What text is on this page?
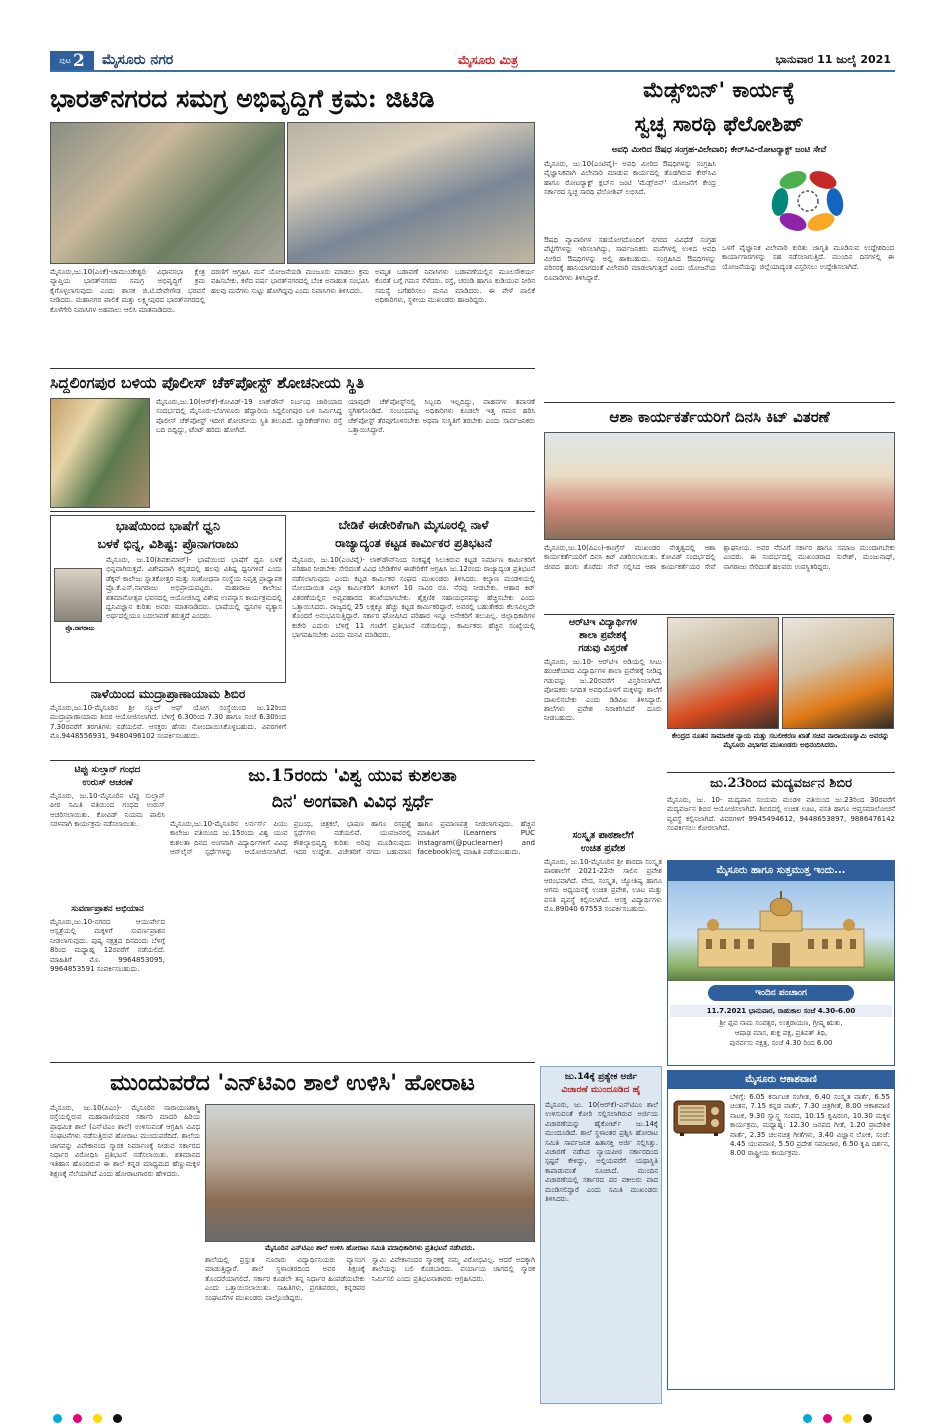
ಪುಟ 2 ಮೈಸೂರು ನಗರ	ಮೈಸೂರು ಮಿತ್ರ	ಭಾನುವಾರ 11 ಜುಲೈ 2021
ಭಾರತ್‌ನಗರದ ಸಮಗ್ರ ಅಭಿವೃದ್ಧಿಗೆ ಕ್ರಮ: ಜಿಟಿಡಿ
ಮೈಸೂರು,ಜು.10(ಎಂಕೆ)-ಚಾಮುಂಡೇಶ್ವರಿ ವಿಧಾನಸಭಾ ಕ್ಷೇತ್ರ ವ್ಯಾಪ್ತಿಯ ಭಾರತ್‌ನಗರದ ಸಮಗ್ರ ಅಭಿವೃದ್ಧಿಗೆ ಕ್ರಮ ಕೈಗೊಳ್ಳಲಾಗುವುದು ಎಂದು ಶಾಸಕ ಜಿ.ಟಿ.ದೇವೇಗೌಡ ಭರವಸೆ ನೀಡಿದರು. ಮಹಾನಗರ ಪಾಲಿಕೆ ಮತ್ತು ಲಕ್ಷ್ಮೀಪುರದ ಭಾರತ್‌ನಗರದಲ್ಲಿ ಕೊಳೆಗೇರಿ ನಿವಾಸಿಗಳ ಅಹವಾಲು ಆಲಿಸಿ ಮಾತನಾಡಿದರು.
ದರಣಿಗೆ ಆಗ್ರಹಿಸಿ ಮನೆ ಯೋಜನೆಯಡಿ ಮಂಜೂರು ಮಾಡಲು ಕ್ರಮ ವಹಿಸಬೇಕು. ಕಳೆದ ವರ್ಷ ಭಾರತ್‌ನಗರದಲ್ಲಿ ಬೆಂಕಿ ಅನಾಹುತ ಸಂಭವಿಸಿ ಹಲವು ಮನೆಗಳು ಸುಟ್ಟು ಹೋಗಿದ್ದವು ಎಂದು ನಿವಾಸಿಗಳು ತಿಳಿಸಿದರು.
ಅಮೃತ ಬಡಾವಣೆ ನಿವಾಸಿಗಳು ಬಡಾವಣೆಯಲ್ಲಿನ ಮೂಲಸೌಕರ್ಯ ಕೊರತೆ ಬಗ್ಗೆ ಗಮನ ಸೆಳೆದರು. ರಸ್ತೆ, ಚರಂಡಿ ಹಾಗೂ ಕುಡಿಯುವ ನೀರಿನ ಸಮಸ್ಯೆ ಬಗೆಹರಿಸಲು ಮನವಿ ಮಾಡಿದರು. ಈ ವೇಳೆ ಪಾಲಿಕೆ ಅಧಿಕಾರಿಗಳು, ಸ್ಥಳೀಯ ಮುಖಂಡರು ಹಾಜರಿದ್ದರು.
ಸಿದ್ದಲಿಂಗಪುರ ಬಳಿಯ ಪೊಲೀಸ್ ಚೆಕ್‌ಪೋಸ್ಟ್ ಶೋಚನೀಯ ಸ್ಥಿತಿ
ಮೈಸೂರು,ಜು.10(ಆರ್‌ಕೆ)-ಕೋವಿಡ್-19 ಲಾಕ್‌ಡೌನ್ ನಿರ್ಬಂಧ ಜಾರಿಯಾದ ಸಂದರ್ಭದಲ್ಲಿ ಮೈಸೂರು-ಬೆಂಗಳೂರು ಹೆದ್ದಾರಿಯ ಸಿದ್ದಲಿಂಗಪುರ ಬಳಿ ನಿರ್ಮಿಸಿದ್ದ ಪೊಲೀಸ್ ಚೆಕ್‌ಪೋಸ್ಟ್ ಇದೀಗ ಶೋಚನೀಯ ಸ್ಥಿತಿ ತಲುಪಿದೆ. ಬ್ಯಾರಿಕೇಡ್‌ಗಳು ರಸ್ತೆ ಬದಿ ಬಿದ್ದಿದ್ದು, ಟೆಂಟ್ ಹರಿದು ಹೋಗಿದೆ.
ಯಾವುದೇ ಚೆಕ್‌ಪೋಸ್ಟ್‌ನಲ್ಲಿ ಸಿಬ್ಬಂದಿ ಇಲ್ಲದಿದ್ದು, ವಾಹನಗಳ ತಪಾಸಣೆ ಸ್ಥಗಿತಗೊಂಡಿದೆ. ಸಂಬಂಧಪಟ್ಟ ಅಧಿಕಾರಿಗಳು ಕೂಡಲೇ ಇತ್ತ ಗಮನ ಹರಿಸಿ ಚೆಕ್‌ಪೋಸ್ಟ್ ತೆರವುಗೊಳಿಸಬೇಕು ಅಥವಾ ಸುಸ್ಥಿತಿಗೆ ತರಬೇಕು ಎಂದು ಸಾರ್ವಜನಿಕರು ಒತ್ತಾಯಿಸಿದ್ದಾರೆ.
ಭಾಷೆಯಿಂದ ಭಾಷೆಗೆ ಧ್ವನಿ
ಬಳಕೆ ಭಿನ್ನ, ವಿಶಿಷ್ಟ: ಪ್ರೊನಾಗರಾಜು
ಪ್ರೊ.ನಾಗರಾಜು
ಮೈಸೂರು, ಜು.10(ಶಿವಕುಮಾರ್)- ಭಾಷೆಯಿಂದ ಭಾಷೆಗೆ ಧ್ವನಿ ಬಳಕೆ ಭಿನ್ನವಾಗಿರುತ್ತದೆ. ವಿಶೇಷವಾಗಿ ಕನ್ನಡದಲ್ಲಿ ಹಲವು ವಿಶಿಷ್ಟ ಧ್ವನಿಗಳಿವೆ ಎಂದು ಡೆಕ್ಕನ್ ಕಾಲೇಜು ಸ್ನಾತಕೋತ್ತರ ಮತ್ತು ಸಂಶೋಧನಾ ಸಂಸ್ಥೆಯ ನಿವೃತ್ತ ಪ್ರಾಧ್ಯಾಪಕ ಪ್ರೊ.ಕೆ.ಎಸ್.ನಾಗರಾಜು ಅಭಿಪ್ರಾಯಪಟ್ಟರು. ಮಹಾರಾಜ ಕಾಲೇಜು ಶತಮಾನೋತ್ಸವ ಭವನದಲ್ಲಿ ಆಯೋಜಿಸಿದ್ದ ವಿಶೇಷ ಉಪನ್ಯಾಸ ಕಾರ್ಯಕ್ರಮದಲ್ಲಿ ಧ್ವನಿವಿಜ್ಞಾನ ಕುರಿತು ಅವರು ಮಾತನಾಡಿದರು. ಭಾಷೆಯಲ್ಲಿ ಧ್ವನಿಗಳ ವ್ಯತ್ಯಾಸ ಅರ್ಥದಲ್ಲಿಯೂ ಬದಲಾವಣೆ ತರುತ್ತದೆ ಎಂದರು.
ನಾಳೆಯಿಂದ ಮುದ್ರಾಪ್ರಾಣಾಯಾಮ ಶಿಬಿರ
ಮೈಸೂರು,ಜು.10-ಮೈಸೂರಿನ ಶ್ರೀ ಸ್ಕೂಲ್ ಆಫ್ ಯೋಗ ಸಂಸ್ಥೆಯಿಂದ ಜು.12ರಿಂದ ಮುದ್ರಾಪ್ರಾಣಾಯಾಮ ಶಿಬಿರ ಆಯೋಜಿಸಲಾಗಿದೆ. ಬೆಳಿಗ್ಗೆ 6.30ರಿಂದ 7.30 ಹಾಗೂ ಸಂಜೆ 6.30ರಿಂದ 7.30ರವರೆಗೆ ತರಗತಿಗಳು ನಡೆಯಲಿವೆ. ಆಸಕ್ತರು ಹೆಸರು ನೋಂದಾಯಿಸಿಕೊಳ್ಳಬಹುದು. ವಿವರಗಳಿಗೆ ಮೊ.9448556931, 9480496102 ಸಂಪರ್ಕಿಸಬಹುದು.
ಬೇಡಿಕೆ ಈಡೇರಿಕೆಗಾಗಿ ಮೈಸೂರಲ್ಲಿ ನಾಳೆ
ರಾಜ್ಯಾದ್ಯಂತ ಕಟ್ಟಡ ಕಾರ್ಮಿಕರ ಪ್ರತಿಭಟನೆ
ಮೈಸೂರು, ಜು.10(ಎಂಟಿವೈ)- ಲಾಕ್‌ಡೌನ್‌ನಿಂದ ಸಂಕಷ್ಟಕ್ಕೆ ಸಿಲುಕಿರುವ ಕಟ್ಟಡ ನಿರ್ಮಾಣ ಕಾರ್ಮಿಕರಿಗೆ ಪರಿಹಾರ ನೀಡಬೇಕು ಸೇರಿದಂತೆ ವಿವಿಧ ಬೇಡಿಕೆಗಳ ಈಡೇರಿಕೆಗೆ ಆಗ್ರಹಿಸಿ ಜು.12ರಂದು ರಾಜ್ಯಾದ್ಯಂತ ಪ್ರತಿಭಟನೆ ನಡೆಸಲಾಗುವುದು ಎಂದು ಕಟ್ಟಡ ಕಾರ್ಮಿಕರ ಸಂಘದ ಮುಖಂಡರು ತಿಳಿಸಿದರು. ಕಲ್ಯಾಣ ಮಂಡಳಿಯಲ್ಲಿ ನೋಂದಾಯಿತ ಎಲ್ಲಾ ಕಾರ್ಮಿಕರಿಗೆ ತಿಂಗಳಿಗೆ 10 ಸಾವಿರ ರೂ. ನೆರವು ನೀಡಬೇಕು. ಆಹಾರ ಕಿಟ್ ವಿತರಣೆಯಲ್ಲಿನ ಅವ್ಯವಹಾರದ ತನಿಖೆಯಾಗಬೇಕು. ಶೈಕ್ಷಣಿಕ ಸಹಾಯಧನವನ್ನು ಹೆಚ್ಚಿಸಬೇಕು ಎಂದು ಒತ್ತಾಯಿಸಿದರು. ರಾಜ್ಯದಲ್ಲಿ 25 ಲಕ್ಷಕ್ಕೂ ಹೆಚ್ಚು ಕಟ್ಟಡ ಕಾರ್ಮಿಕರಿದ್ದಾರೆ. ಅವರಲ್ಲಿ ಬಹುತೇಕರು ಕೆಲಸವಿಲ್ಲದೇ ತೊಂದರೆ ಅನುಭವಿಸುತ್ತಿದ್ದಾರೆ. ಸರ್ಕಾರ ಘೋಷಿಸಿದ ಪರಿಹಾರ ಇನ್ನೂ ಅನೇಕರಿಗೆ ತಲುಪಿಲ್ಲ. ಜಿಲ್ಲಾಧಿಕಾರಿಗಳ ಕಚೇರಿ ಎದುರು ಬೆಳಿಗ್ಗೆ 11 ಗಂಟೆಗೆ ಪ್ರತಿಭಟನೆ ನಡೆಯಲಿದ್ದು, ಕಾರ್ಮಿಕರು ಹೆಚ್ಚಿನ ಸಂಖ್ಯೆಯಲ್ಲಿ ಭಾಗವಹಿಸಬೇಕು ಎಂದು ಮನವಿ ಮಾಡಿದರು.
ಟಿಪ್ಪು ಸುಲ್ತಾನ್ ಗಂಧದ
ಉರುಸ್ ಆಚರಣೆ
ಮೈಸೂರು, ಜು.10-ಮೈಸೂರಿನ ಟಿಪ್ಪು ಸುಲ್ತಾನ್ ಪೀಠ ಸಮಿತಿ ವತಿಯಿಂದ ಗಂಧದ ಉರುಸ್ ಆಚರಿಸಲಾಯಿತು. ಕೋವಿಡ್ ನಿಯಮ ಪಾಲಿಸಿ ಸರಳವಾಗಿ ಕಾರ್ಯಕ್ರಮ ನಡೆಸಲಾಯಿತು.
ಸುವರ್ಣಪ್ರಾಶನ ಅಭಿಯಾನ
ಮೈಸೂರು,ಜು.10-ನಗರದ ಆಯುರ್ವೇದ ಆಸ್ಪತ್ರೆಯಲ್ಲಿ ಮಕ್ಕಳಿಗೆ ಸುವರ್ಣಪ್ರಾಶನ ನೀಡಲಾಗುವುದು. ಪುಷ್ಯ ನಕ್ಷತ್ರದ ದಿನದಂದು ಬೆಳಿಗ್ಗೆ 8ರಿಂದ ಮಧ್ಯಾಹ್ನ 12ರವರೆಗೆ ನಡೆಯಲಿದೆ. ಮಾಹಿತಿಗೆ ಮೊ. 9964853095, 9964853591 ಸಂಪರ್ಕಿಸಬಹುದು.
ಜು.15ರಂದು 'ವಿಶ್ವ ಯುವ ಕುಶಲತಾ
ದಿನ' ಅಂಗವಾಗಿ ವಿವಿಧ ಸ್ಪರ್ಧೆ
ಮೈಸೂರು,ಜು.10-ಮೈಸೂರಿನ ಲರ್ನರ್ಸ್ ಪಿಯು ಕಾಲೇಜು ವತಿಯಿಂದ ಜು.15ರಂದು ವಿಶ್ವ ಯುವ ಕುಶಲತಾ ದಿನದ ಅಂಗವಾಗಿ ವಿದ್ಯಾರ್ಥಿಗಳಿಗೆ ವಿವಿಧ ಆನ್‌ಲೈನ್ ಸ್ಪರ್ಧೆಗಳನ್ನು ಆಯೋಜಿಸಲಾಗಿದೆ. ಪ್ರಬಂಧ, ಚಿತ್ರಕಲೆ, ಭಾಷಣ ಹಾಗೂ ರಸಪ್ರಶ್ನೆ ಸ್ಪರ್ಧೆಗಳು ನಡೆಯಲಿವೆ. ಯುವಜನರಲ್ಲಿ ಕೌಶಲ್ಯಾಭಿವೃದ್ಧಿ ಕುರಿತು ಅರಿವು ಮೂಡಿಸುವುದು ಇದರ ಉದ್ದೇಶ. ವಿಜೇತರಿಗೆ ನಗದು ಬಹುಮಾನ ಹಾಗೂ ಪ್ರಮಾಣಪತ್ರ ನೀಡಲಾಗುವುದು. ಹೆಚ್ಚಿನ ಮಾಹಿತಿಗೆ (Learners PUC instagram(@puclearner) and facebook)ನಲ್ಲಿ ಮಾಹಿತಿ ಪಡೆಯಬಹುದು.
ಮೆಡ್ಸ್‌ಬಿನ್' ಕಾರ್ಯಕ್ಕೆ
ಸ್ವಚ್ಛ ಸಾರಥಿ ಫೆಲೋಶಿಪ್
ಅವಧಿ ಮೀರಿದ ಔಷಧ ಸಂಗ್ರಹ-ವಿಲೇವಾರಿ; ಕೇರ್‌ಸಿವಿ-ರೋಟರ್‍ಯಾಕ್ಟ್ ಜಂಟಿ ಸೇವೆ
ಮೈಸೂರು, ಜು.10(ಎಂಟಿವೈ)- ಅವಧಿ ಮೀರಿದ ಔಷಧಿಗಳನ್ನು ಸಂಗ್ರಹಿಸಿ ವೈಜ್ಞಾನಿಕವಾಗಿ ವಿಲೇವಾರಿ ಮಾಡುವ ಕಾರ್ಯದಲ್ಲಿ ತೊಡಗಿರುವ ಕೇರ್‌ಸಿವಿ ಹಾಗೂ ರೋಟರ್‍ಯಾಕ್ಟ್ ಕ್ಲಬ್‌ನ ಜಂಟಿ 'ಮೆಡ್ಸ್‌ಬಿನ್' ಯೋಜನೆಗೆ ಕೇಂದ್ರ ಸರ್ಕಾರದ ಸ್ವಚ್ಛ ಸಾರಥಿ ಫೆಲೋಶಿಪ್ ಲಭಿಸಿದೆ.
ಔಷಧಿ ವ್ಯಾಪಾರಿಗಳ ಸಹಯೋಗದೊಂದಿಗೆ ನಗರದ ವಿವಿಧೆಡೆ ಸಂಗ್ರಹ ಪೆಟ್ಟಿಗೆಗಳನ್ನು ಇರಿಸಲಾಗಿದ್ದು, ಸಾರ್ವಜನಿಕರು ಮನೆಗಳಲ್ಲಿ ಉಳಿದ ಅವಧಿ ಮೀರಿದ ಔಷಧಿಗಳನ್ನು ಅಲ್ಲಿ ಹಾಕಬಹುದು. ಸಂಗ್ರಹಿಸಿದ ಔಷಧಿಗಳನ್ನು ಪರಿಸರಕ್ಕೆ ಹಾನಿಯಾಗದಂತೆ ವಿಲೇವಾರಿ ಮಾಡಲಾಗುತ್ತದೆ ಎಂದು ಯೋಜನೆಯ ರೂವಾರಿಗಳು ತಿಳಿಸಿದ್ದಾರೆ.
ಒಳಗೆ ವೈಜ್ಞಾನಿಕ ವಿಲೇವಾರಿ ಕುರಿತು ಜಾಗೃತಿ ಮೂಡಿಸುವ ಉದ್ದೇಶದಿಂದ ಕಾರ್ಯಾಗಾರಗಳನ್ನು ಸಹ ನಡೆಸಲಾಗುತ್ತಿದೆ. ಮುಂದಿನ ದಿನಗಳಲ್ಲಿ ಈ ಯೋಜನೆಯನ್ನು ಜಿಲ್ಲೆಯಾದ್ಯಂತ ವಿಸ್ತರಿಸಲು ಉದ್ದೇಶಿಸಲಾಗಿದೆ.
ಆಶಾ ಕಾರ್ಯಕರ್ತೆಯರಿಗೆ ದಿನಸಿ ಕಿಟ್ ವಿತರಣೆ
ಮೈಸೂರು,ಜು.10(ಪಿಎಂ)-ಕಾಂಗ್ರೆಸ್ ಮುಖಂಡರ ನೇತೃತ್ವದಲ್ಲಿ ಆಶಾ ಕಾರ್ಯಕರ್ತೆಯರಿಗೆ ದಿನಸಿ ಕಿಟ್ ವಿತರಿಸಲಾಯಿತು. ಕೋವಿಡ್ ಸಂದರ್ಭದಲ್ಲಿ ಜೀವದ ಹಂಗು ತೊರೆದು ಸೇವೆ ಸಲ್ಲಿಸಿದ ಆಶಾ ಕಾರ್ಯಕರ್ತೆಯರ ಸೇವೆ ಶ್ಲಾಘನೀಯ. ಅವರ ನೆರವಿಗೆ ಸರ್ಕಾರ ಹಾಗೂ ಸಮಾಜ ಮುಂದಾಗಬೇಕು ಎಂದರು. ಈ ಸಂದರ್ಭದಲ್ಲಿ ಮುಖಂಡರಾದ ಸುರೇಶ್, ಮಂಜುನಾಥ್, ನಾಗರಾಜು ಸೇರಿದಂತೆ ಹಲವರು ಉಪಸ್ಥಿತರಿದ್ದರು.
ಆರ್‌ಟಿಇ ವಿದ್ಯಾರ್ಥಿಗಳ
ಶಾಲಾ ಪ್ರವೇಶಕ್ಕೆ
ಗಡುವು ವಿಸ್ತರಣೆ
ಮೈಸೂರು, ಜು.10- ಆರ್‌ಟಿಇ ಅಡಿಯಲ್ಲಿ ಸೀಟು ಹಂಚಿಕೆಯಾದ ವಿದ್ಯಾರ್ಥಿಗಳ ಶಾಲಾ ಪ್ರವೇಶಕ್ಕೆ ನೀಡಿದ್ದ ಗಡುವನ್ನು ಜು.20ರವರೆಗೆ ವಿಸ್ತರಿಸಲಾಗಿದೆ. ಪೋಷಕರು ನಿಗದಿತ ಅವಧಿಯೊಳಗೆ ಮಕ್ಕಳನ್ನು ಶಾಲೆಗೆ ದಾಖಲಿಸಬೇಕು ಎಂದು ಡಿಡಿಪಿಐ ತಿಳಿಸಿದ್ದಾರೆ. ಶಾಲೆಗಳು ಪ್ರವೇಶ ನಿರಾಕರಿಸಿದರೆ ದೂರು ನೀಡಬಹುದು.
ಕೇಂದ್ರದ ನೂತನ ಸಾಮಾಜಿಕ ನ್ಯಾಯ ಮತ್ತು ಸಬಲೀಕರಣ ಖಾತೆ ಸಚಿವ ನಾರಾಯಣಸ್ವಾಮಿ ಅವರನ್ನು ಮೈಸೂರು ವಿಭಾಗದ ಮುಖಂಡರು ಅಭಿನಂದಿಸಿದರು.
ಜು.23ರಿಂದ ಮದ್ಯವರ್ಜನ ಶಿಬಿರ
ಮೈಸೂರು, ಜು. 10- ಮದ್ಯಪಾನ ಸಂಯಮ ಮಂಡಳಿ ವತಿಯಿಂದ ಜು.23ರಿಂದ 30ರವರೆಗೆ ಮದ್ಯವರ್ಜನ ಶಿಬಿರ ಆಯೋಜಿಸಲಾಗಿದೆ. ಶಿಬಿರದಲ್ಲಿ ಉಚಿತ ಊಟ, ವಸತಿ ಹಾಗೂ ಆಪ್ತಸಮಾಲೋಚನೆ ವ್ಯವಸ್ಥೆ ಕಲ್ಪಿಸಲಾಗಿದೆ. ವಿವರಗಳಿಗೆ 9945494612, 9448653897, 9886476142 ಸಂಪರ್ಕಿಸಲು ಕೋರಲಾಗಿದೆ.
ಸಂಸ್ಕೃತ ಪಾಠಶಾಲೆಗೆ
ಉಚಿತ ಪ್ರವೇಶ
ಮೈಸೂರು, ಜು.10-ಮೈಸೂರಿನ ಶ್ರೀ ಶಾರದಾ ಸಂಸ್ಕೃತ ಪಾಠಶಾಲೆಗೆ 2021-22ನೇ ಸಾಲಿನ ಪ್ರವೇಶ ಆರಂಭವಾಗಿದೆ. ವೇದ, ಸಂಸ್ಕೃತ, ಜ್ಯೋತಿಷ್ಯ ಹಾಗೂ ಆಗಮ ಅಧ್ಯಯನಕ್ಕೆ ಉಚಿತ ಪ್ರವೇಶ, ಊಟ ಮತ್ತು ವಸತಿ ವ್ಯವಸ್ಥೆ ಕಲ್ಪಿಸಲಾಗಿದೆ. ಆಸಕ್ತ ವಿದ್ಯಾರ್ಥಿಗಳು ಮೊ.89040 67553 ಸಂಪರ್ಕಿಸಬಹುದು.
ಮೈಸೂರು ಹಾಗೂ ಸುತ್ತಮುತ್ತ ಇಂದು...
ಇಂದಿನ ಪಂಚಾಂಗ
11.7.2021 ಭಾನುವಾರ, ರಾಹುಕಾಲ ಸಂಜೆ 4.30-6.00
ಶ್ರೀ ಪ್ಲವ ನಾಮ ಸಂವತ್ಸರ, ಉತ್ತರಾಯಣ, ಗ್ರೀಷ್ಮ ಋತು,
ಆಷಾಢ ಮಾಸ, ಶುಕ್ಲ ಪಕ್ಷ, ಪ್ರತಿಪತ್ ತಿಥಿ,
ಪುನರ್ವಸು ನಕ್ಷತ್ರ, ಸಂಜೆ 4.30 ರಿಂದ 6.00
ಮುಂದುವರೆದ 'ಎನ್‌ಟಿಎಂ ಶಾಲೆ ಉಳಿಸಿ' ಹೋರಾಟ
ಮೈಸೂರು, ಜು.10(ಪಿಎಂ)- ಮೈಸೂರಿನ ನಾರಾಯಣಶಾಸ್ತ್ರಿ ರಸ್ತೆಯಲ್ಲಿರುವ ಮಹಾರಾಣಿಯವರ ಸರ್ಕಾರಿ ಮಾದರಿ ಹಿರಿಯ ಪ್ರಾಥಮಿಕ ಶಾಲೆ (ಎನ್‌ಟಿಎಂ ಶಾಲೆ) ಉಳಿಸುವಂತೆ ಆಗ್ರಹಿಸಿ ವಿವಿಧ ಸಂಘಟನೆಗಳು ನಡೆಸುತ್ತಿರುವ ಹೋರಾಟ ಮುಂದುವರೆದಿದೆ. ಶಾಲೆಯ ಜಾಗವನ್ನು ವಿವೇಕಾನಂದ ಸ್ಮಾರಕ ನಿರ್ಮಾಣಕ್ಕೆ ನೀಡುವ ಸರ್ಕಾರದ ನಿರ್ಧಾರ ವಿರೋಧಿಸಿ ಪ್ರತಿಭಟನೆ ನಡೆಸಲಾಯಿತು. ಶತಮಾನದ ಇತಿಹಾಸ ಹೊಂದಿರುವ ಈ ಶಾಲೆ ಕನ್ನಡ ಮಾಧ್ಯಮದ ಹೆಣ್ಣುಮಕ್ಕಳ ಶಿಕ್ಷಣಕ್ಕೆ ನೆಲೆಯಾಗಿದೆ ಎಂದು ಹೋರಾಟಗಾರರು ಹೇಳಿದರು.
ಮೈಸೂರಿನ ಎನ್‌ಟಿಎಂ ಶಾಲೆ ಉಳಿಸಿ ಹೋರಾಟ ಸಮಿತಿ ಪದಾಧಿಕಾರಿಗಳು ಪ್ರತಿಭಟನೆ ನಡೆಸಿದರು.
ಶಾಲೆಯಲ್ಲಿ ಪ್ರಸ್ತುತ ನೂರಾರು ವಿದ್ಯಾರ್ಥಿನಿಯರು ವ್ಯಾಸಂಗ ಮಾಡುತ್ತಿದ್ದಾರೆ. ಶಾಲೆ ಸ್ಥಳಾಂತರದಿಂದ ಅವರ ಶಿಕ್ಷಣಕ್ಕೆ ತೊಂದರೆಯಾಗಲಿದೆ. ಸರ್ಕಾರ ಕೂಡಲೇ ತನ್ನ ನಿರ್ಧಾರ ಹಿಂಪಡೆಯಬೇಕು ಎಂದು ಒತ್ತಾಯಿಸಲಾಯಿತು. ಸಾಹಿತಿಗಳು, ಪ್ರಗತಿಪರರು, ಕನ್ನಡಪರ ಸಂಘಟನೆಗಳ ಮುಖಂಡರು ಪಾಲ್ಗೊಂಡಿದ್ದರು.
ಸ್ವಾಮಿ ವಿವೇಕಾನಂದರ ಸ್ಮಾರಕಕ್ಕೆ ನಮ್ಮ ವಿರೋಧವಿಲ್ಲ. ಆದರೆ ಅದಕ್ಕಾಗಿ ಶಾಲೆಯನ್ನು ಬಲಿ ಕೊಡಬಾರದು. ಪರ್ಯಾಯ ಜಾಗದಲ್ಲಿ ಸ್ಮಾರಕ ನಿರ್ಮಿಸಲಿ ಎಂದು ಪ್ರತಿಭಟನಾಕಾರರು ಆಗ್ರಹಿಸಿದರು.
ಜು.14ಕ್ಕೆ ಪ್ರತ್ಯೇಕ ಅರ್ಜಿ
ವಿಚಾರಣೆ ಮುಂದೂಡಿದ ಹೈ
ಮೈಸೂರು, ಜು. 10(ಆರ್‌ಕೆ)-ಎನ್‌ಟಿಎಂ ಶಾಲೆ ಉಳಿಸುವಂತೆ ಕೋರಿ ಸಲ್ಲಿಸಲಾಗಿರುವ ಅರ್ಜಿಯ ವಿಚಾರಣೆಯನ್ನು ಹೈಕೋರ್ಟ್ ಜು.14ಕ್ಕೆ ಮುಂದೂಡಿದೆ. ಶಾಲೆ ಸ್ಥಳಾಂತರ ಪ್ರಶ್ನಿಸಿ ಹೋರಾಟ ಸಮಿತಿ ಸಾರ್ವಜನಿಕ ಹಿತಾಸಕ್ತಿ ಅರ್ಜಿ ಸಲ್ಲಿಸಿತ್ತು. ವಿಚಾರಣೆ ನಡೆಸಿದ ನ್ಯಾಯಪೀಠ ಸರ್ಕಾರದಿಂದ ಸ್ಪಷ್ಟನೆ ಕೇಳಿದ್ದು, ಅಲ್ಲಿಯವರೆಗೆ ಯಥಾಸ್ಥಿತಿ ಕಾಪಾಡುವಂತೆ ಸೂಚಿಸಿದೆ. ಮುಂದಿನ ವಿಚಾರಣೆಯಲ್ಲಿ ಸರ್ಕಾರದ ಪರ ವಕೀಲರು ವಾದ ಮಂಡಿಸಲಿದ್ದಾರೆ ಎಂದು ಸಮಿತಿ ಮುಖಂಡರು ತಿಳಿಸಿದರು.
ಮೈಸೂರು ಆಕಾಶವಾಣಿ
ಬೆಳಿಗ್ಗೆ: 6.05 ಕರ್ನಾಟಕ ಸಂಗೀತ, 6.40 ಸಂಸ್ಕೃತ ವಾರ್ತೆ, 6.55 ಚಿಂತನ, 7.15 ಕನ್ನಡ ವಾರ್ತೆ, 7.30 ಚಿತ್ರಗೀತೆ, 8.00 ಆಕಾಶವಾಣಿ ನಾಟಕ, 9.30 ಸ್ವಾಸ್ಥ್ಯ ಸಂಪದ, 10.15 ಕೃಷಿರಂಗ, 10.30 ಮಕ್ಕಳ ಕಾರ್ಯಕ್ರಮ, ಮಧ್ಯಾಹ್ನ: 12.30 ಜನಪದ ಗೀತೆ, 1.20 ಪ್ರಾದೇಶಿಕ ವಾರ್ತೆ, 2.35 ಚಲನಚಿತ್ರ ಗೀತೆಗಳು, 3.40 ವಿಜ್ಞಾನ ಲೋಕ, ಸಂಜೆ: 4.45 ಯುವವಾಣಿ, 5.50 ಪ್ರದೇಶ ಸಮಾಚಾರ, 6.50 ಕೃಷಿ ದರ್ಶನ, 8.00 ರಾಷ್ಟ್ರೀಯ ಕಾರ್ಯಕ್ರಮ.
